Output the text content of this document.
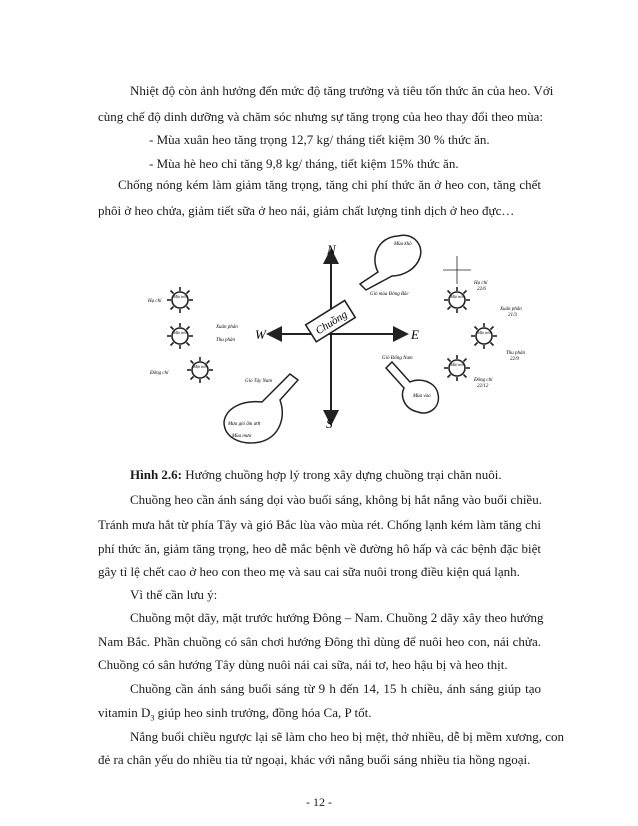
Nhiệt độ còn ảnh hưởng đến mức độ tăng trưởng và tiêu tốn thức ăn của heo. Với
cùng chế độ dinh dưỡng và chăm sóc nhưng sự tăng trọng của heo thay đổi theo mùa:
- Mùa xuân heo tăng trọng 12,7 kg/ tháng tiết kiệm 30 % thức ăn.
- Mùa hè heo chỉ tăng 9,8 kg/ tháng, tiết kiệm 15% thức ăn.
Chống nóng kém làm giảm tăng trọng, tăng chi phí thức ăn ở heo con, tăng chết
phôi ở heo chửa, giảm tiết sữa ở heo nái, giảm chất lượng tinh dịch ở heo đực…
N
S
W	E
Chuồng
Mùa khô
Gió mùa Đông Bắc	Mặt trời
Hạ chí
22/6
Mặt trời
Xuân phân
21/3
Thu phân
22/9
Mặt trời
Đông chí
22/12
Gió Đông Nam
Mùa vào
Mặt trời
Hạ chí
Mặt trời
Xuân phân
Thu phân
Mặt trời
Đông chí
Gió Tây Nam
Mưa gió ẩm ướt
Mùa mưa
Hình 2.6: Hướng chuồng hợp lý trong xây dựng chuồng trại chăn nuôi.
Chuồng heo cần ánh sáng dọi vào buổi sáng, không bị hắt nắng vào buổi chiều.
Tránh mưa hắt từ phía Tây và gió Bắc lùa vào mùa rét. Chống lạnh kém làm tăng chi
phí thức ăn, giảm tăng trọng, heo dễ mắc bệnh về đường hô hấp và các bệnh đặc biệt
gây tỉ lệ chết cao ở heo con theo mẹ và sau cai sữa nuôi trong điều kiện quá lạnh.
Vì thế cần lưu ý:
Chuồng một dãy, mặt trước hướng Đông – Nam. Chuồng 2 dãy xây theo hướng
Nam Bắc. Phần chuồng có sân chơi hướng Đông thì dùng để nuôi heo con, nái chửa.
Chuồng có sân hướng Tây dùng nuôi nái cai sữa, nái tơ, heo hậu bị và heo thịt.
Chuồng cần ánh sáng buổi sáng từ 9 h đến 14, 15 h chiều, ánh sáng giúp tạo
vitamin $D_3$ giúp heo sinh trưởng, đồng hóa Ca, P tốt.
Nắng buổi chiều ngược lại sẽ làm cho heo bị mệt, thở nhiều, dễ bị mềm xương, con
đẻ ra chân yếu do nhiều tia tử ngoại, khác với nắng buổi sáng nhiều tia hồng ngoại.
- 12 -
